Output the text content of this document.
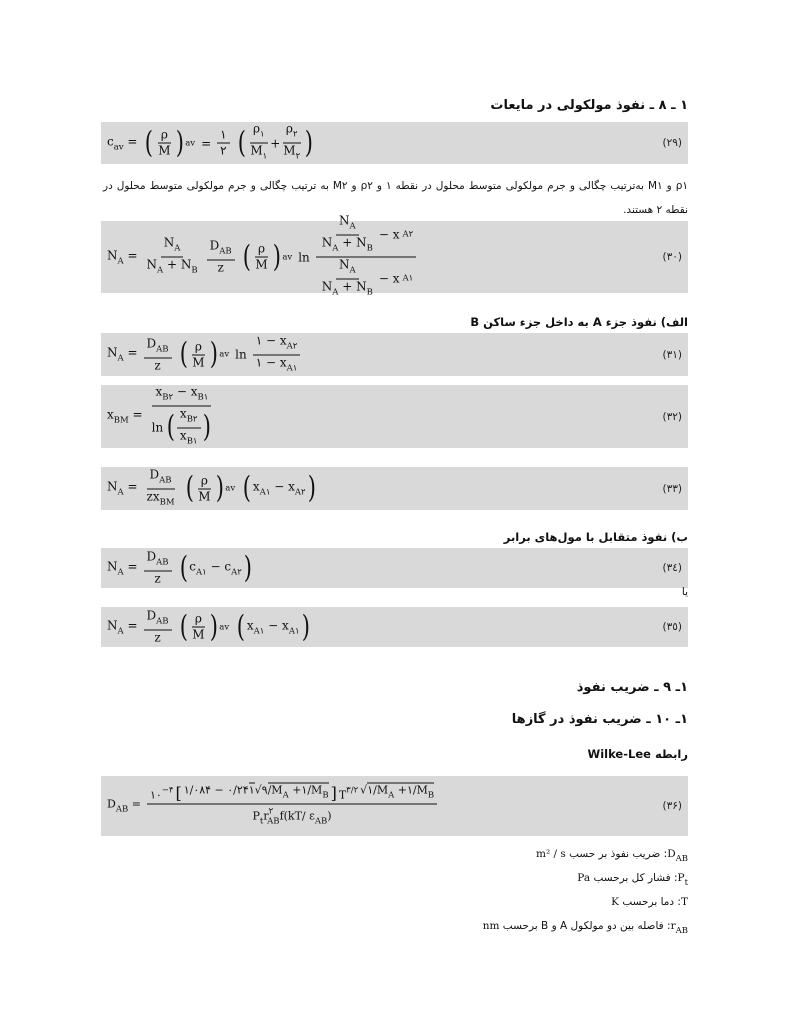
١ ـ ٨ ـ نفوذ مولکولی در مایعات
$c_{av}$ = ( $\frac{\rho}{M}$ ) av = $\frac{١}{٢}$ ( $\frac{\rho_١}{M_١} + \frac{\rho_٢}{M_٢}$ )	(٢٩)
ρ١ و M١ به‌ترتیب چگالی و جرم مولکولی متوسط محلول در نقطه ١ و ρ٢ و M٢ به ترتیب چگالی و جرم مولکولی متوسط محلول در نقطه ٢ هستند.
$N_A = \frac{N_A}{N_A + N_B} \frac{D_{AB}}{z}$ ( $\frac{\rho}{M}$ ) av $\ln \frac{\frac{N_A}{N_A + N_B} - x A٢}{\frac{N_A}{N_A + N_B} - x A١}$	(٣٠)
الف) نفوذ جزء A به داخل جزء ساکن B
$N_A = \frac{D_{AB}}{z}$ ( $\frac{\rho}{M}$ ) av $\ln \frac{١ - x_{A٢}}{١ - x_{A١}}$	(٣١)
$x_{BM} = \frac{x_{B٢} - x_{B١}}{\ln ( \frac{x_{B٢}}{x_{B١}} )}$	(٣٢)
$N_A = \frac{D_{AB}}{zx_{BM}}$ ( $\frac{\rho}{M}$ ) av ( $x_{A١} - x_{A٢}$ )	(٣٣)
ب) نفوذ متقابل با مول‌های برابر
$N_A = \frac{D_{AB}}{z}$ ( $c_{A١} - c_{A٢}$ )	(٣٤)
یا
$N_A = \frac{D_{AB}}{z}$ ( $\frac{\rho}{M}$ ) av ( $x_{A١} - x_{A١}$ )	(٣٥)
١ـ ٩ ـ ضریب نفوذ
١ـ ١٠ ـ ضریب نفوذ در گازها
رابطه Wilke-Lee
$D_{AB}$ =
$١٠^{-۴}$ [ ١/٠٨۴ − $٠/٢۴٩√١/M_A$ $+١/M_B$ ] $T^{٣/٢}$ $√١/M_A$ $+١/M_B$
$P_tr^٢_{AB}f(kT/$ $\varepsilon_{AB}$)
(٣۶)
$D_{AB}$: ضریب نفوذ بر حسب m² / s
$P_t$: فشار کل برحسب Pa
T: دما برحسب K
$r_{AB}$: فاصله بین دو مولکول A و B برحسب nm
